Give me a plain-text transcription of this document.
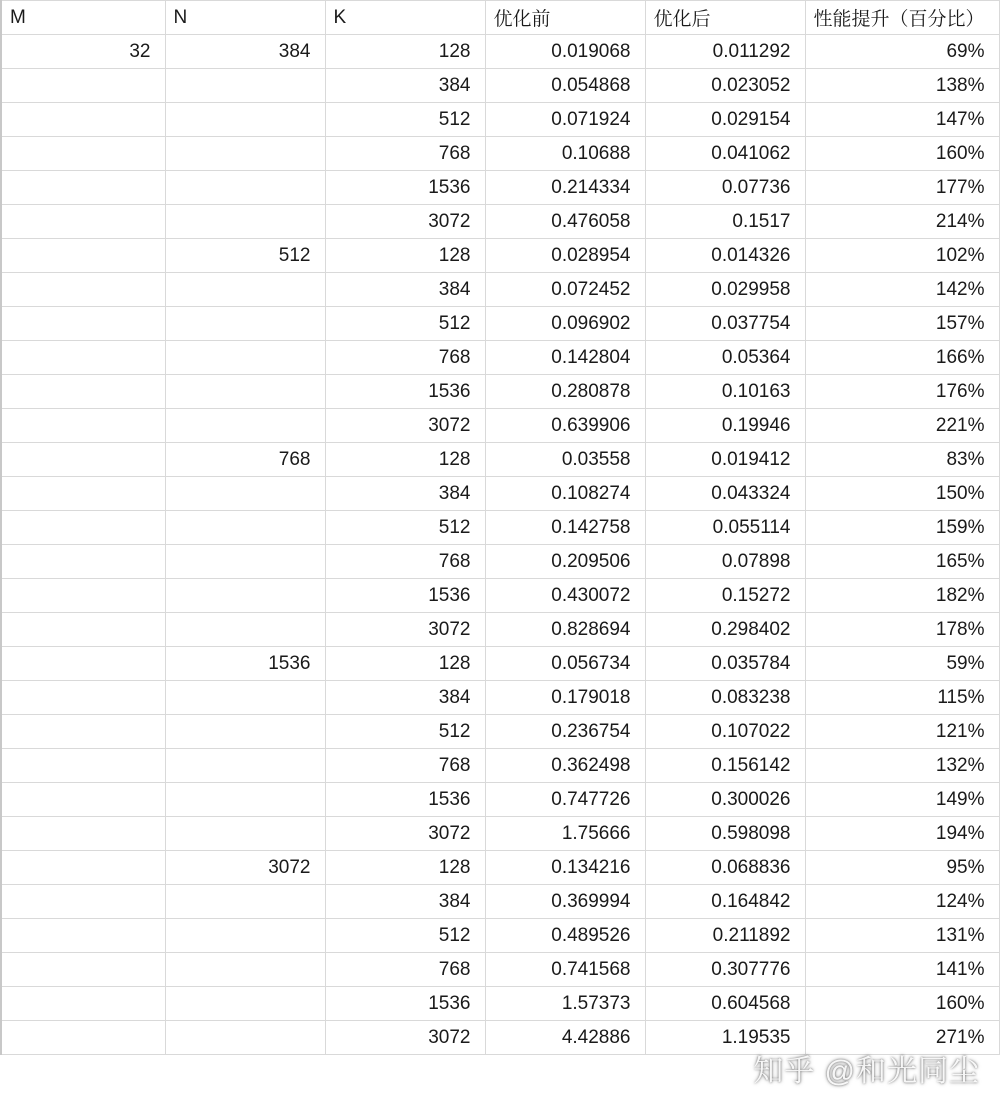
M	N	K	优化前	优化后	性能提升（百分比）
32	384	128	0.019068	0.011292	69%
		384	0.054868	0.023052	138%
		512	0.071924	0.029154	147%
		768	0.10688	0.041062	160%
		1536	0.214334	0.07736	177%
		3072	0.476058	0.1517	214%
	512	128	0.028954	0.014326	102%
		384	0.072452	0.029958	142%
		512	0.096902	0.037754	157%
		768	0.142804	0.05364	166%
		1536	0.280878	0.10163	176%
		3072	0.639906	0.19946	221%
	768	128	0.03558	0.019412	83%
		384	0.108274	0.043324	150%
		512	0.142758	0.055114	159%
		768	0.209506	0.07898	165%
		1536	0.430072	0.15272	182%
		3072	0.828694	0.298402	178%
	1536	128	0.056734	0.035784	59%
		384	0.179018	0.083238	115%
		512	0.236754	0.107022	121%
		768	0.362498	0.156142	132%
		1536	0.747726	0.300026	149%
		3072	1.75666	0.598098	194%
	3072	128	0.134216	0.068836	95%
		384	0.369994	0.164842	124%
		512	0.489526	0.211892	131%
		768	0.741568	0.307776	141%
		1536	1.57373	0.604568	160%
		3072	4.42886	1.19535	271%
知乎 @和光同尘
